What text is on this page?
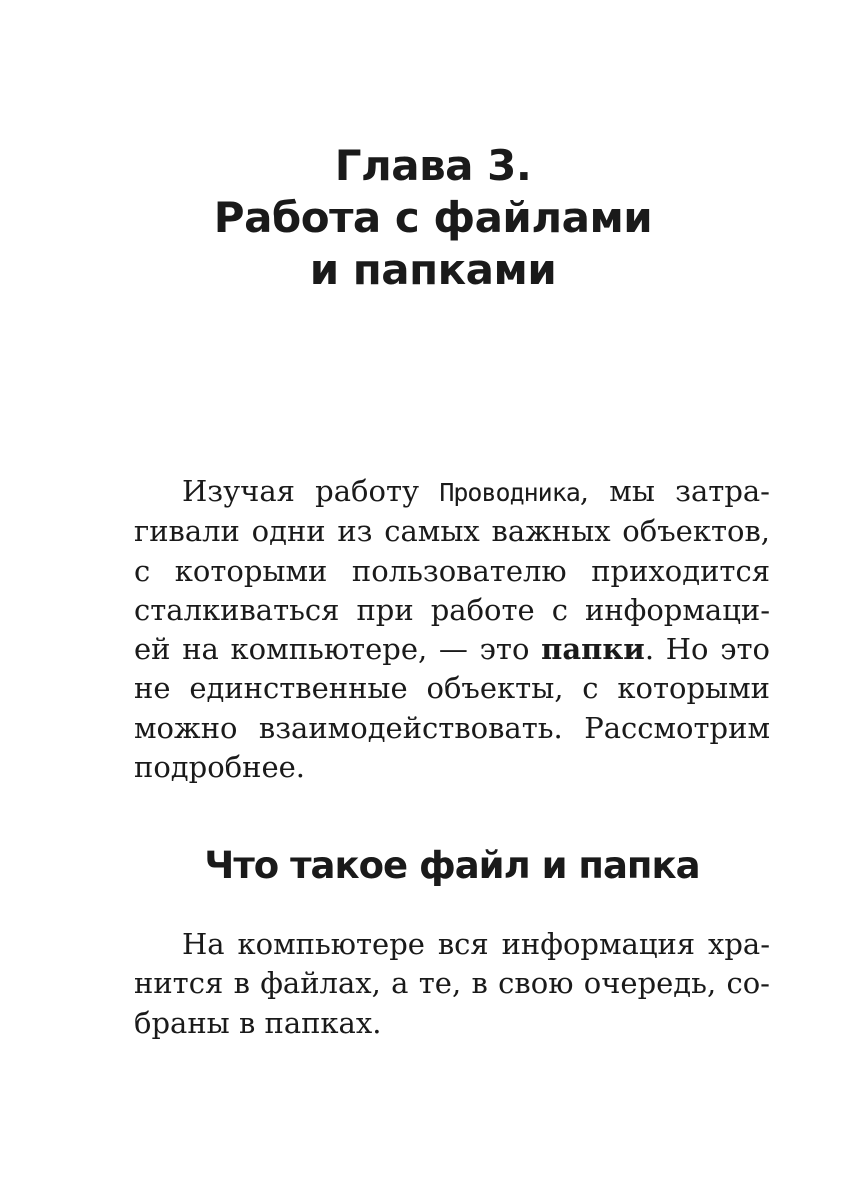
Глава 3.
Работа с файлами
и папками

Изучая работу Проводника, мы затра-
гивали одни из самых важных объектов,
с которыми пользователю приходится
сталкиваться при работе с информаци-
ей на компьютере, — это папки. Но это
не единственные объекты, с которыми
можно взаимодействовать. Рассмотрим
подробнее.

Что такое файл и папка

На компьютере вся информация хра-
нится в файлах, а те, в свою очередь, со-
браны в папках.
